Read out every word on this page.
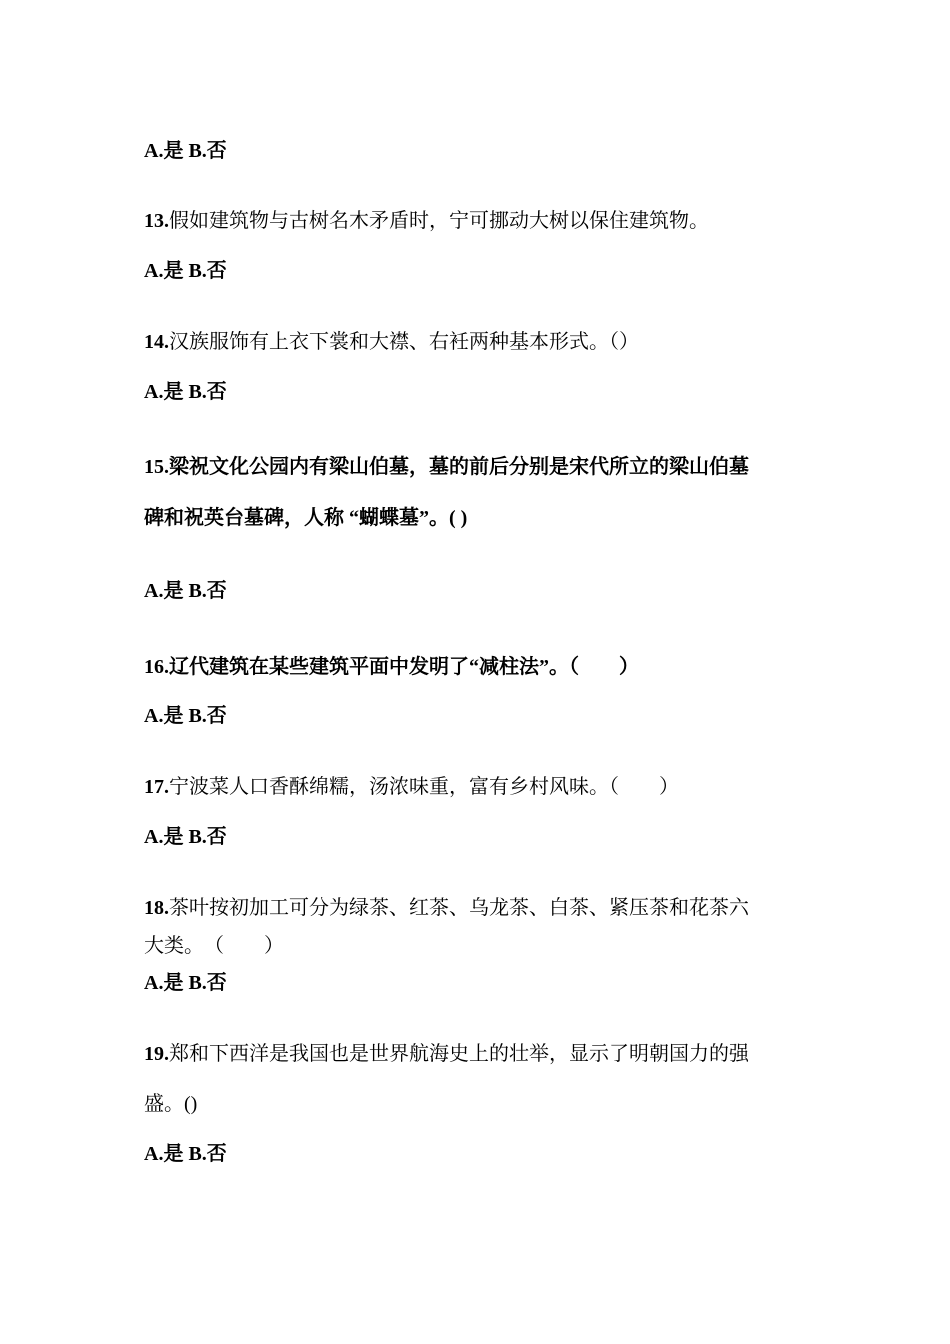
A.是 B.否
13.假如建筑物与古树名木矛盾时，宁可挪动大树以保住建筑物。
A.是 B.否
14.汉族服饰有上衣下裳和大襟、右衽两种基本形式。（）
A.是 B.否
15.梁祝文化公园内有梁山伯墓，墓的前后分别是宋代所立的梁山伯墓
碑和祝英台墓碑，人称 “蝴蝶墓”。( )
A.是 B.否
16.辽代建筑在某些建筑平面中发明了“减柱法”。（　　）
A.是 B.否
17.宁波菜人口香酥绵糯，汤浓味重，富有乡村风味。（　　）
A.是 B.否
18.茶叶按初加工可分为绿茶、红茶、乌龙茶、白茶、紧压茶和花茶六
大类。　（　　）
A.是 B.否
19.郑和下西洋是我国也是世界航海史上的壮举，显示了明朝国力的强
盛。()
A.是 B.否
